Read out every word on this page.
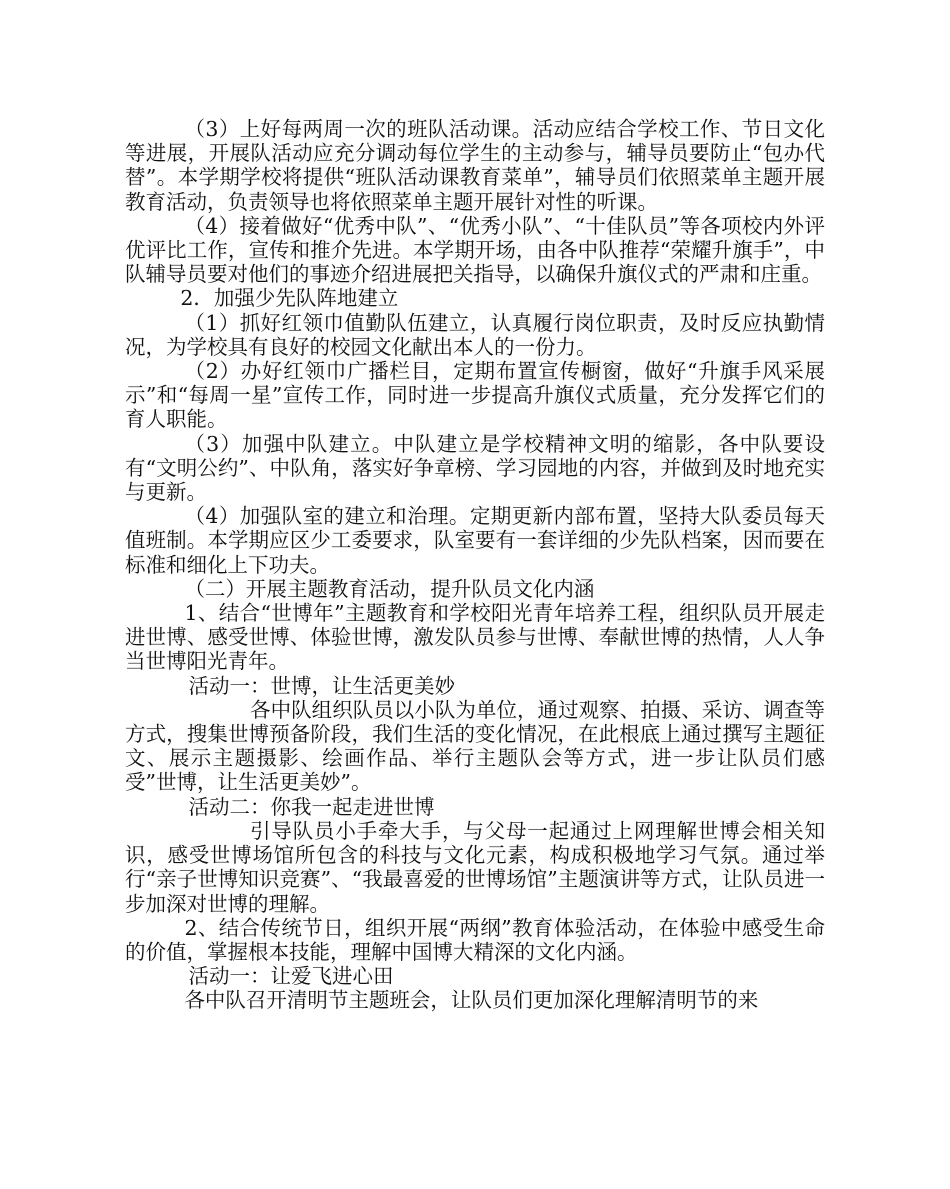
（3）上好每两周一次的班队活动课。活动应结合学校工作、节日文化等进展，开展队活动应充分调动每位学生的主动参与，辅导员要防止“包办代替”。本学期学校将提供“班队活动课教育菜单”，辅导员们依照菜单主题开展教育活动，负责领导也将依照菜单主题开展针对性的听课。

（4）接着做好“优秀中队”、“优秀小队”、“十佳队员”等各项校内外评优评比工作，宣传和推介先进。本学期开场，由各中队推荐“荣耀升旗手”，中队辅导员要对他们的事迹介绍进展把关指导，以确保升旗仪式的严肃和庄重。

2．加强少先队阵地建立

（1）抓好红领巾值勤队伍建立，认真履行岗位职责，及时反应执勤情况，为学校具有良好的校园文化献出本人的一份力。

（2）办好红领巾广播栏目，定期布置宣传橱窗，做好“升旗手风采展示”和“每周一星”宣传工作，同时进一步提高升旗仪式质量，充分发挥它们的育人职能。

（3）加强中队建立。中队建立是学校精神文明的缩影，各中队要设有“文明公约”、中队角，落实好争章榜、学习园地的内容，并做到及时地充实与更新。

（4）加强队室的建立和治理。定期更新内部布置，坚持大队委员每天值班制。本学期应区少工委要求，队室要有一套详细的少先队档案，因而要在标准和细化上下功夫。

（二）开展主题教育活动，提升队员文化内涵

1、结合“世博年”主题教育和学校阳光青年培养工程，组织队员开展走进世博、感受世博、体验世博，激发队员参与世博、奉献世博的热情，人人争当世博阳光青年。

活动一：世博，让生活更美妙

各中队组织队员以小队为单位，通过观察、拍摄、采访、调查等方式，搜集世博预备阶段，我们生活的变化情况，在此根底上通过撰写主题征文、展示主题摄影、绘画作品、举行主题队会等方式，进一步让队员们感受”世博，让生活更美妙”。

活动二：你我一起走进世博

引导队员小手牵大手，与父母一起通过上网理解世博会相关知识，感受世博场馆所包含的科技与文化元素，构成积极地学习气氛。通过举行“亲子世博知识竞赛”、“我最喜爱的世博场馆”主题演讲等方式，让队员进一步加深对世博的理解。

2、结合传统节日，组织开展“两纲”教育体验活动，在体验中感受生命的价值，掌握根本技能，理解中国博大精深的文化内涵。

活动一：让爱飞进心田

各中队召开清明节主题班会，让队员们更加深化理解清明节的来
